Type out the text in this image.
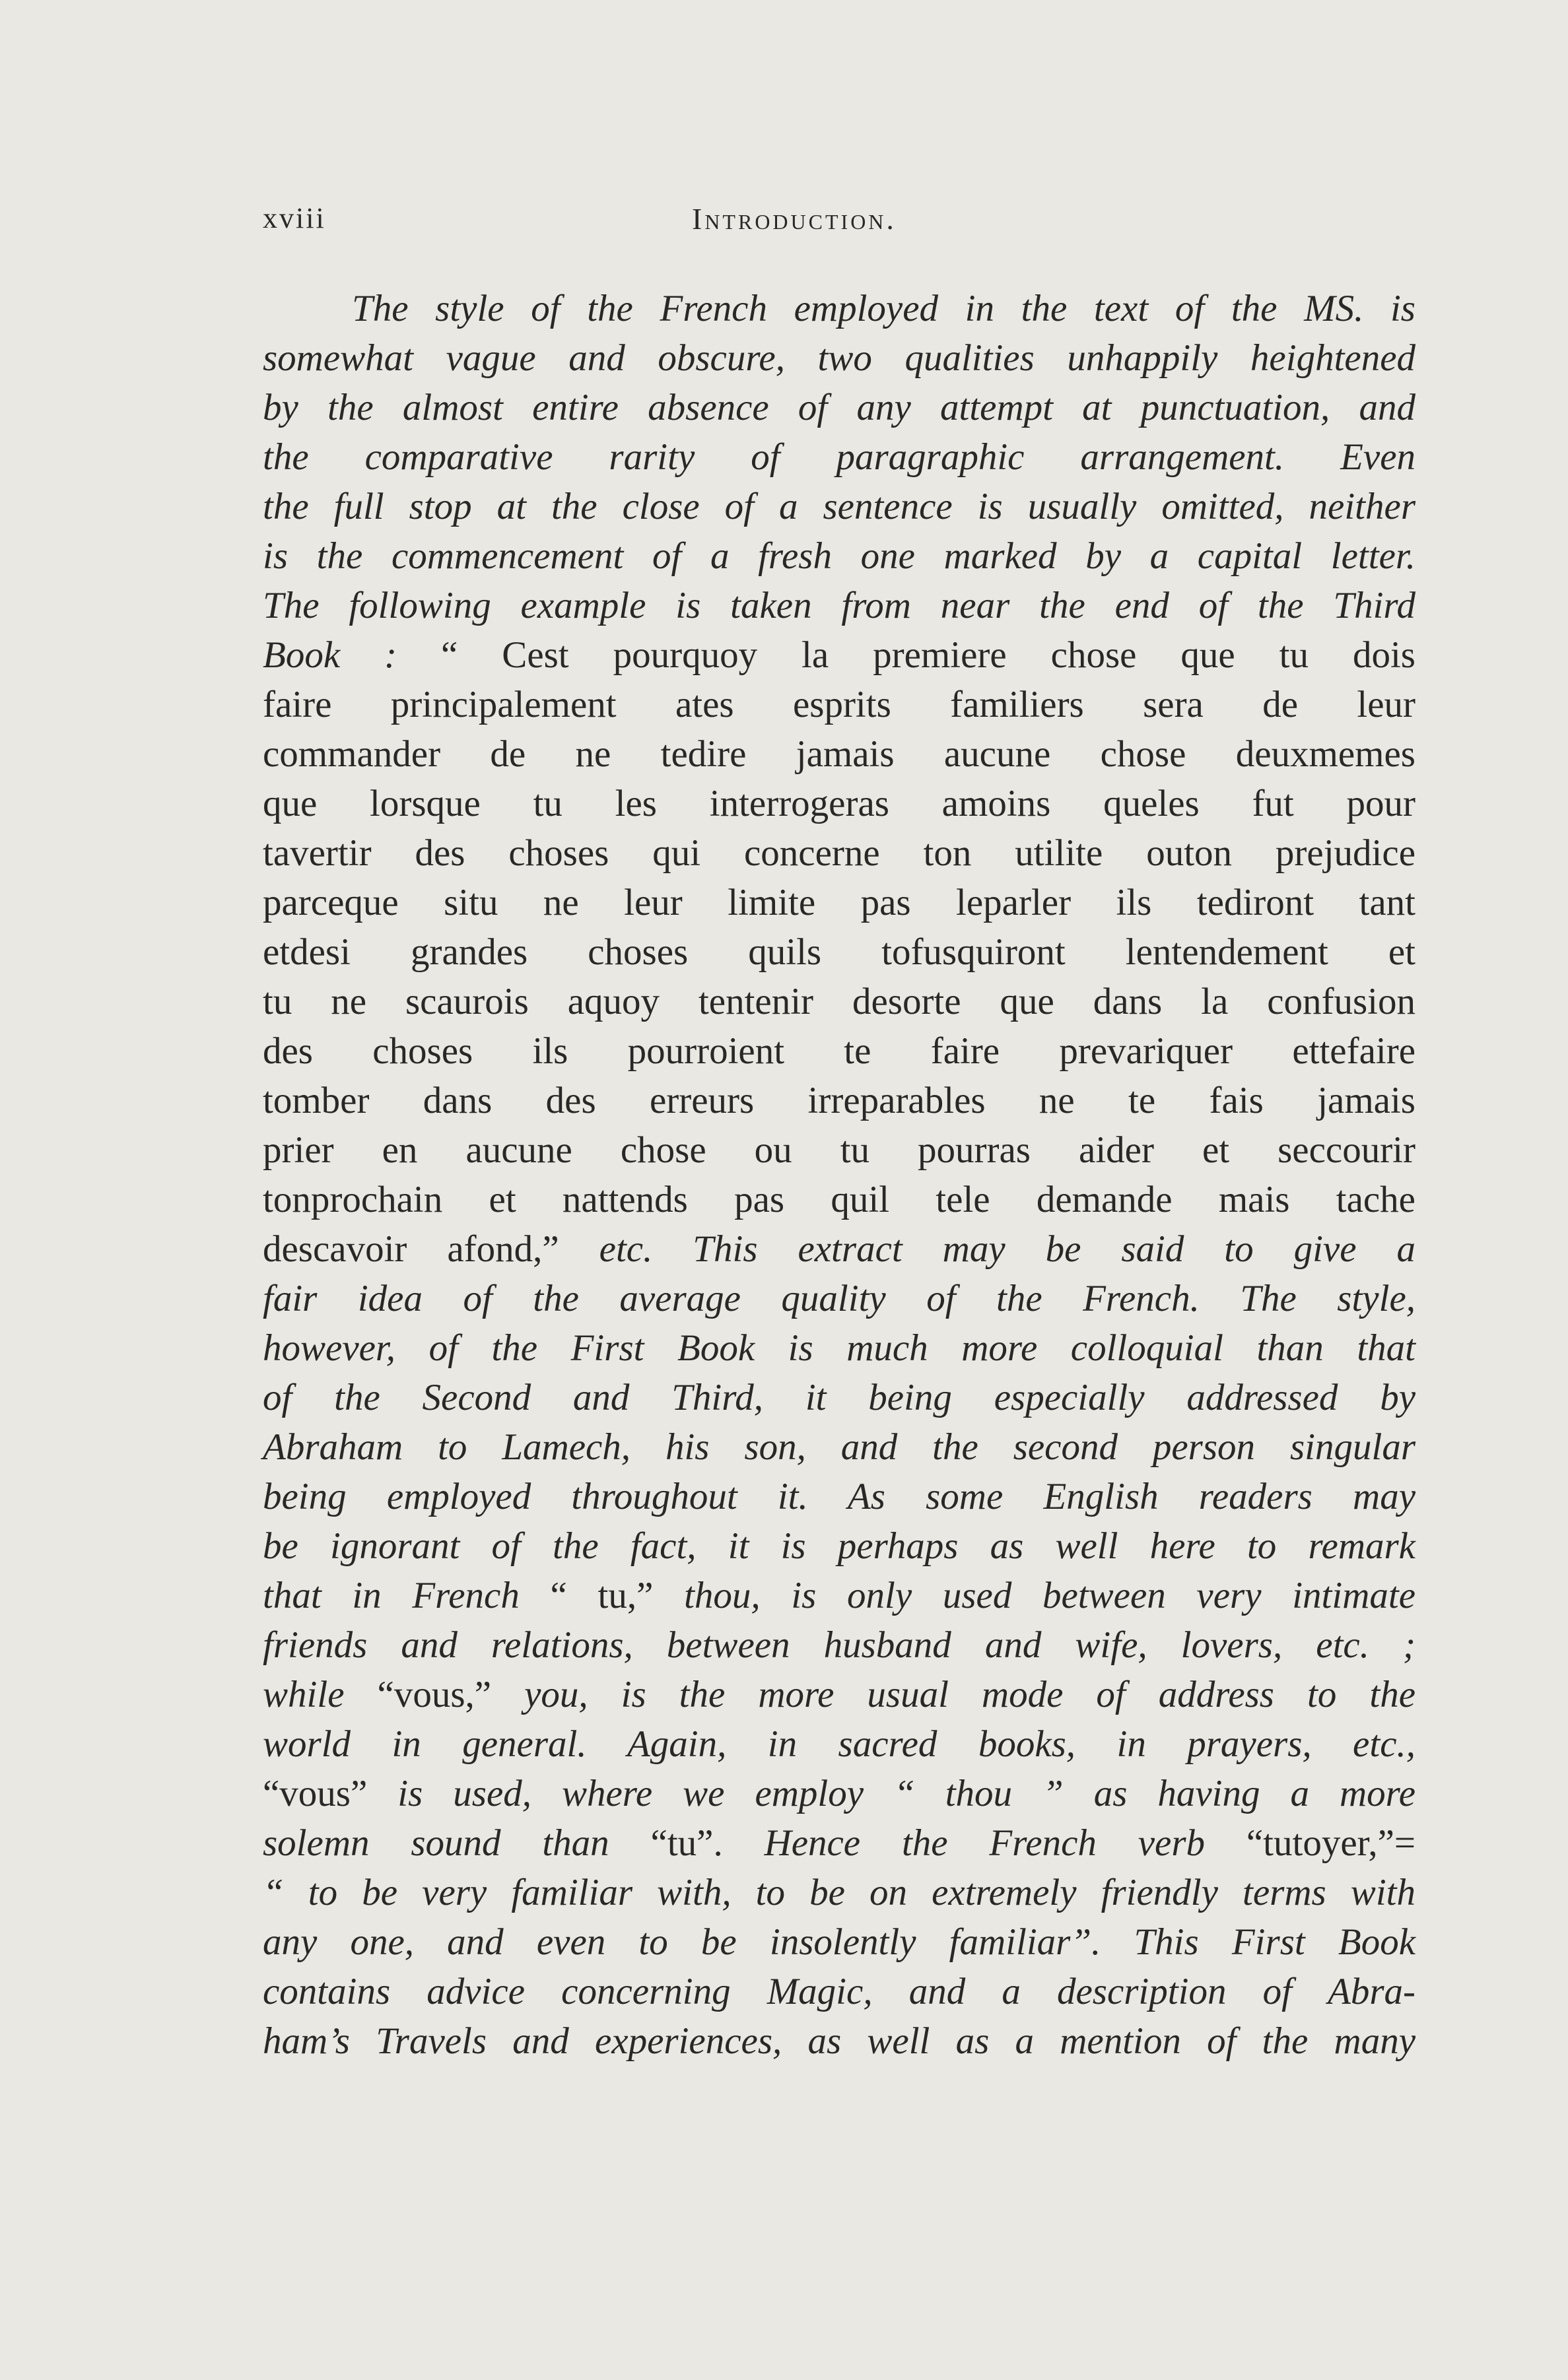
xviii	Introduction.
The style of the French employed in the text of the MS. is
somewhat vague and obscure, two qualities unhappily heightened
by the almost entire absence of any attempt at punctuation, and
the comparative rarity of paragraphic arrangement. Even
the full stop at the close of a sentence is usually omitted, neither
is the commencement of a fresh one marked by a capital letter.
The following example is taken from near the end of the Third
Book : “ Cest pourquoy la premiere chose que tu dois
faire principalement ates esprits familiers sera de leur
commander de ne tedire jamais aucune chose deuxmemes
que lorsque tu les interrogeras amoins queles fut pour
tavertir des choses qui concerne ton utilite outon prejudice
parceque situ ne leur limite pas leparler ils tediront tant
etdesi grandes choses quils tofusquiront lentendement et
tu ne scaurois aquoy tentenir desorte que dans la confusion
des choses ils pourroient te faire prevariquer ettefaire
tomber dans des erreurs irreparables ne te fais jamais
prier en aucune chose ou tu pourras aider et seccourir
tonprochain et nattends pas quil tele demande mais tache
descavoir afond,” etc. This extract may be said to give a
fair idea of the average quality of the French. The style,
however, of the First Book is much more colloquial than that
of the Second and Third, it being especially addressed by
Abraham to Lamech, his son, and the second person singular
being employed throughout it. As some English readers may
be ignorant of the fact, it is perhaps as well here to remark
that in French “ tu,” thou, is only used between very intimate
friends and relations, between husband and wife, lovers, etc. ;
while “vous,” you, is the more usual mode of address to the
world in general. Again, in sacred books, in prayers, etc.,
“vous” is used, where we employ “ thou ” as having a more
solemn sound than “tu”. Hence the French verb “tutoyer,”=
“ to be very familiar with, to be on extremely friendly terms with
any one, and even to be insolently familiar”. This First Book
contains advice concerning Magic, and a description of Abra-
ham’s Travels and experiences, as well as a mention of the many
